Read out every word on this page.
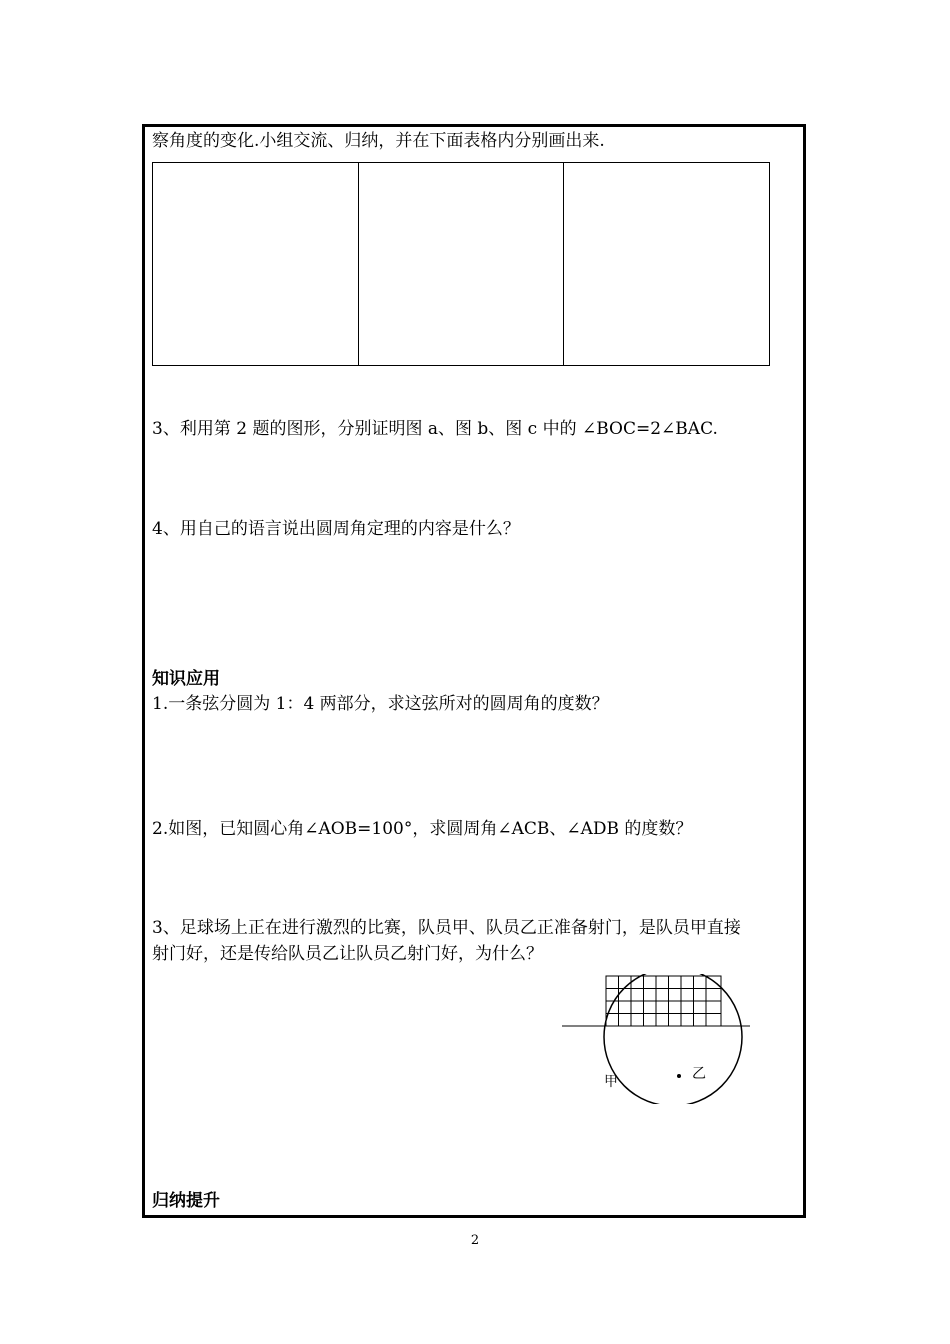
察角度的变化.小组交流、归纳，并在下面表格内分别画出来.
3、利用第 2 题的图形，分别证明图 a、图 b、图 c 中的 ∠BOC=2∠BAC.
4、用自己的语言说出圆周角定理的内容是什么？
知识应用
1.一条弦分圆为 1：4 两部分，求这弦所对的圆周角的度数？
2.如图，已知圆心角∠AOB=100°，求圆周角∠ACB、∠ADB 的度数？
3、足球场上正在进行激烈的比赛，队员甲、队员乙正准备射门，是队员甲直接
射门好，还是传给队员乙让队员乙射门好，为什么？
甲	乙
归纳提升
2
